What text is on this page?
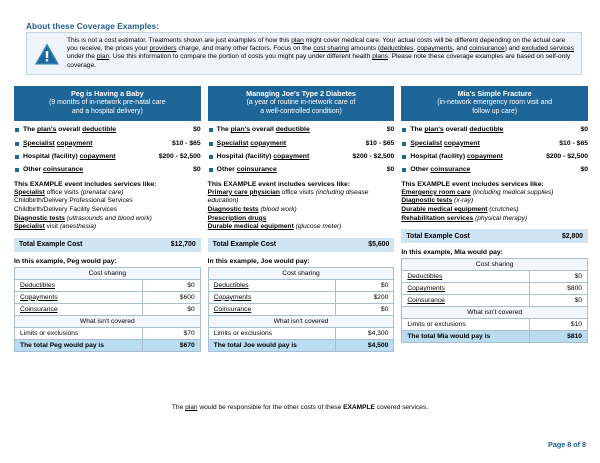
About these Coverage Examples:
This is not a cost estimator. Treatments shown are just examples of how this plan might cover medical care. Your actual costs will be different depending on the actual care you receive, the prices your providers charge, and many other factors. Focus on the cost sharing amounts (deductibles, copayments, and coinsurance) and excluded services under the plan. Use this information to compare the portion of costs you might pay under different health plans. Please note these coverage examples are based on self-only coverage.
Peg is Having a Baby
(9 months of in-network pre-natal care
and a hospital delivery)
The plan's overall deductible	$0
Specialist copayment	$10 - $65
Hospital (facility) copayment	$200 - $2,500
Other coinsurance	$0
This EXAMPLE event includes services like:
Specialist office visits (prenatal care)
Childbirth/Delivery Professional Services
Childbirth/Delivery Facility Services
Diagnostic tests (ultrasounds and blood work)
Specialist visit (anesthesia)
Total Example Cost	$12,700
In this example, Peg would pay:
Cost sharing	
Deductibles	$0
Copayments	$600
Coinsurance	$0
What isn't covered	
Limits or exclusions	$70
The total Peg would pay is	$670
Managing Joe's Type 2 Diabetes
(a year of routine in-network care of
a well-controlled condition)
The plan's overall deductible	$0
Specialist copayment	$10 - $65
Hospital (facility) copayment	$200 - $2,500
Other coinsurance	$0
This EXAMPLE event includes services like:
Primary care physician office visits (including disease education)
Diagnostic tests (blood work)
Prescription drugs
Durable medical equipment (glucose meter)
Total Example Cost	$5,600
In this example, Joe would pay:
Cost sharing	
Deductibles	$0
Copayments	$200
Coinsurance	$0
What isn't covered	
Limits or exclusions	$4,300
The total Joe would pay is	$4,500
Mia's Simple Fracture
(in-network emergency room visit and
follow up care)
The plan's overall deductible	$0
Specialist copayment	$10 - $65
Hospital (facility) copayment	$200 - $2,500
Other coinsurance	$0
This EXAMPLE event includes services like:
Emergency room care (including medical supplies)
Diagnostic tests (x-ray)
Durable medical equipment (crutches)
Rehabilitation services (physical therapy)
Total Example Cost	$2,800
In this example, Mia would pay:
Cost sharing	
Deductibles	$0
Copayments	$800
Coinsurance	$0
What isn't covered	
Limits or exclusions	$10
The total Mia would pay is	$810
The plan would be responsible for the other costs of these EXAMPLE covered services.
Page 8 of 8
